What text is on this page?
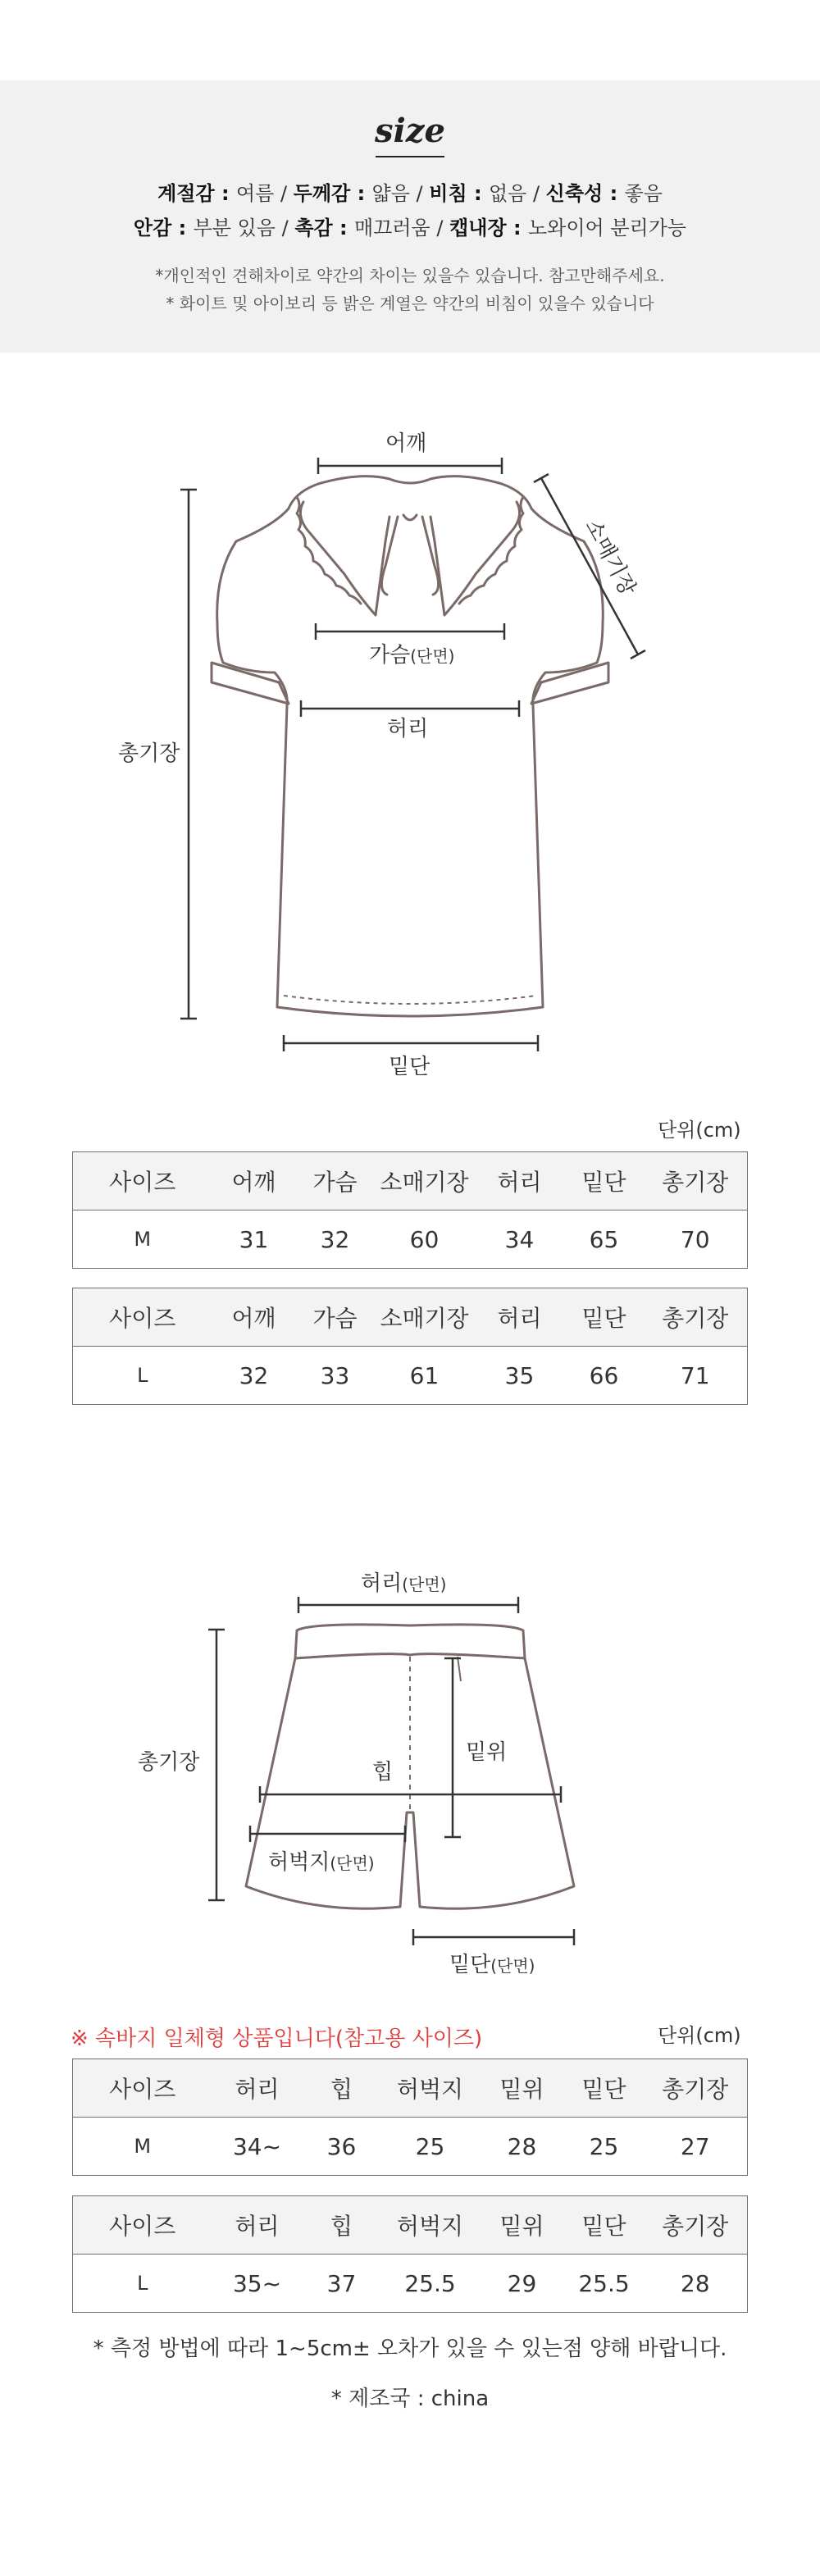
size
계절감 : 여름 / 두께감 : 얇음 / 비침 : 없음 / 신축성 : 좋음
안감 : 부분 있음 / 촉감 : 매끄러움 / 캡내장 : 노와이어 분리가능
*개인적인 견해차이로 약간의 차이는 있을수 있습니다. 참고만해주세요.
* 화이트 및 아이보리 등 밝은 계열은 약간의 비침이 있을수 있습니다
어깨
가슴(단면)
허리
총기장
밑단
소매기장
단위(cm)
사이즈	어깨	가슴	소매기장	허리	밑단	총기장
M	31	32	60	34	65	70
사이즈	어깨	가슴	소매기장	허리	밑단	총기장
L	32	33	61	35	66	71
허리(단면)
총기장	밑위
힙
허벅지(단면)
밑단(단면)
※ 속바지 일체형 상품입니다(참고용 사이즈)	단위(cm)
사이즈	허리	힙	허벅지	밑위	밑단	총기장
M	34~	36	25	28	25	27
사이즈	허리	힙	허벅지	밑위	밑단	총기장
L	35~	37	25.5	29	25.5	28
* 측정 방법에 따라 1~5cm± 오차가 있을 수 있는점 양해 바랍니다.
* 제조국 : china
